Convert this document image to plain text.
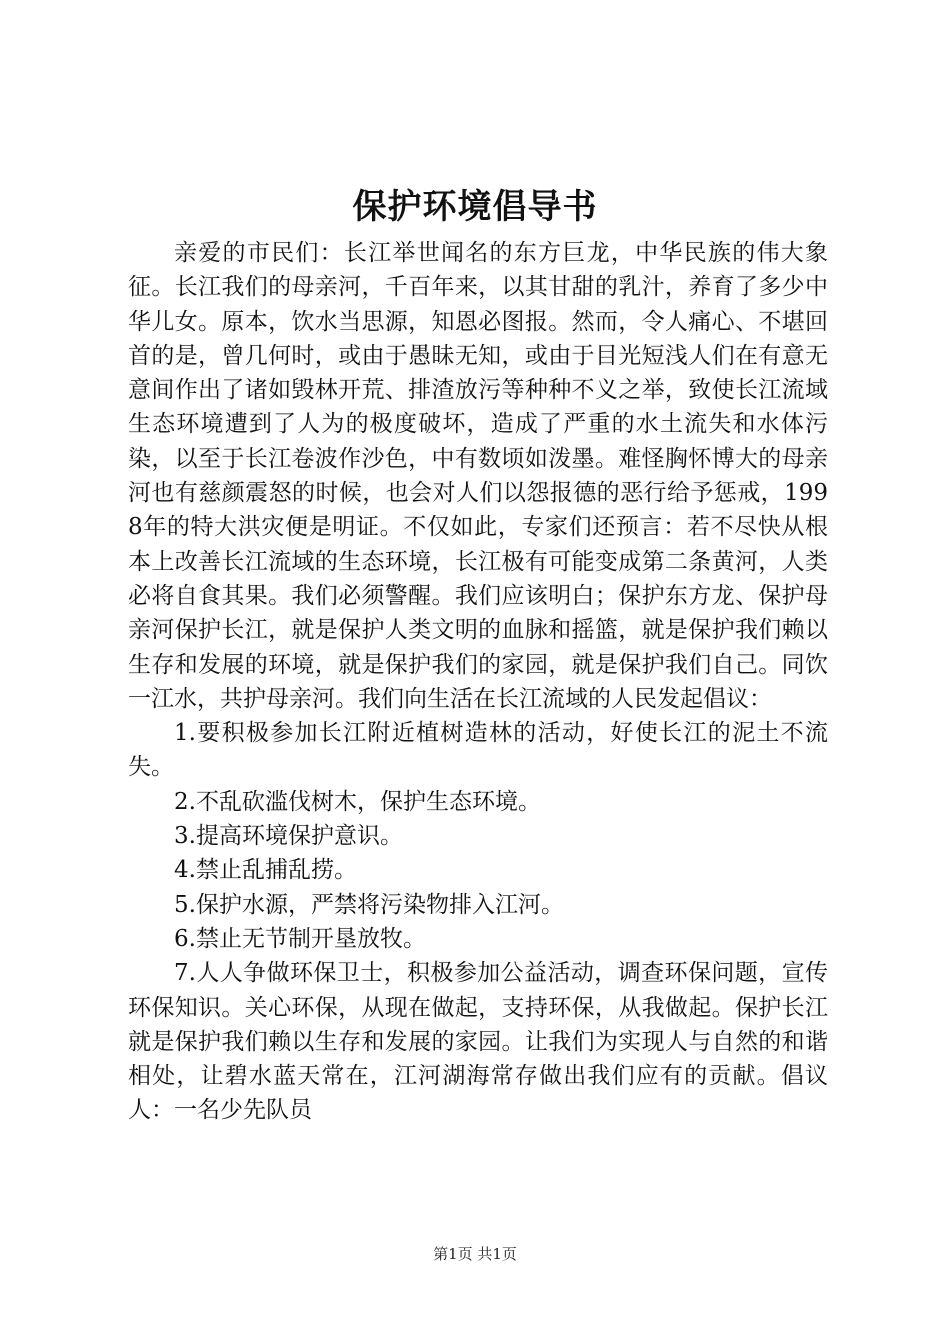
保护环境倡导书

亲爱的市民们：长江举世闻名的东方巨龙，中华民族的伟大象征。长江我们的母亲河，千百年来，以其甘甜的乳汁，养育了多少中华儿女。原本，饮水当思源，知恩必图报。然而，令人痛心、不堪回首的是，曾几何时，或由于愚昧无知，或由于目光短浅人们在有意无意间作出了诸如毁林开荒、排渣放污等种种不义之举，致使长江流域生态环境遭到了人为的极度破坏，造成了严重的水土流失和水体污染，以至于长江卷波作沙色，中有数顷如泼墨。难怪胸怀博大的母亲河也有慈颜震怒的时候，也会对人们以怨报德的恶行给予惩戒，1998年的特大洪灾便是明证。不仅如此，专家们还预言：若不尽快从根本上改善长江流域的生态环境，长江极有可能变成第二条黄河，人类必将自食其果。我们必须警醒。我们应该明白；保护东方龙、保护母亲河保护长江，就是保护人类文明的血脉和摇篮，就是保护我们赖以生存和发展的环境，就是保护我们的家园，就是保护我们自己。同饮一江水，共护母亲河。我们向生活在长江流域的人民发起倡议：

1.要积极参加长江附近植树造林的活动，好使长江的泥土不流失。

2.不乱砍滥伐树木，保护生态环境。

3.提高环境保护意识。

4.禁止乱捕乱捞。

5.保护水源，严禁将污染物排入江河。

6.禁止无节制开垦放牧。

7.人人争做环保卫士，积极参加公益活动，调查环保问题，宣传环保知识。关心环保，从现在做起，支持环保，从我做起。保护长江就是保护我们赖以生存和发展的家园。让我们为实现人与自然的和谐相处，让碧水蓝天常在，江河湖海常存做出我们应有的贡献。倡议人：一名少先队员

第1页 共1页
